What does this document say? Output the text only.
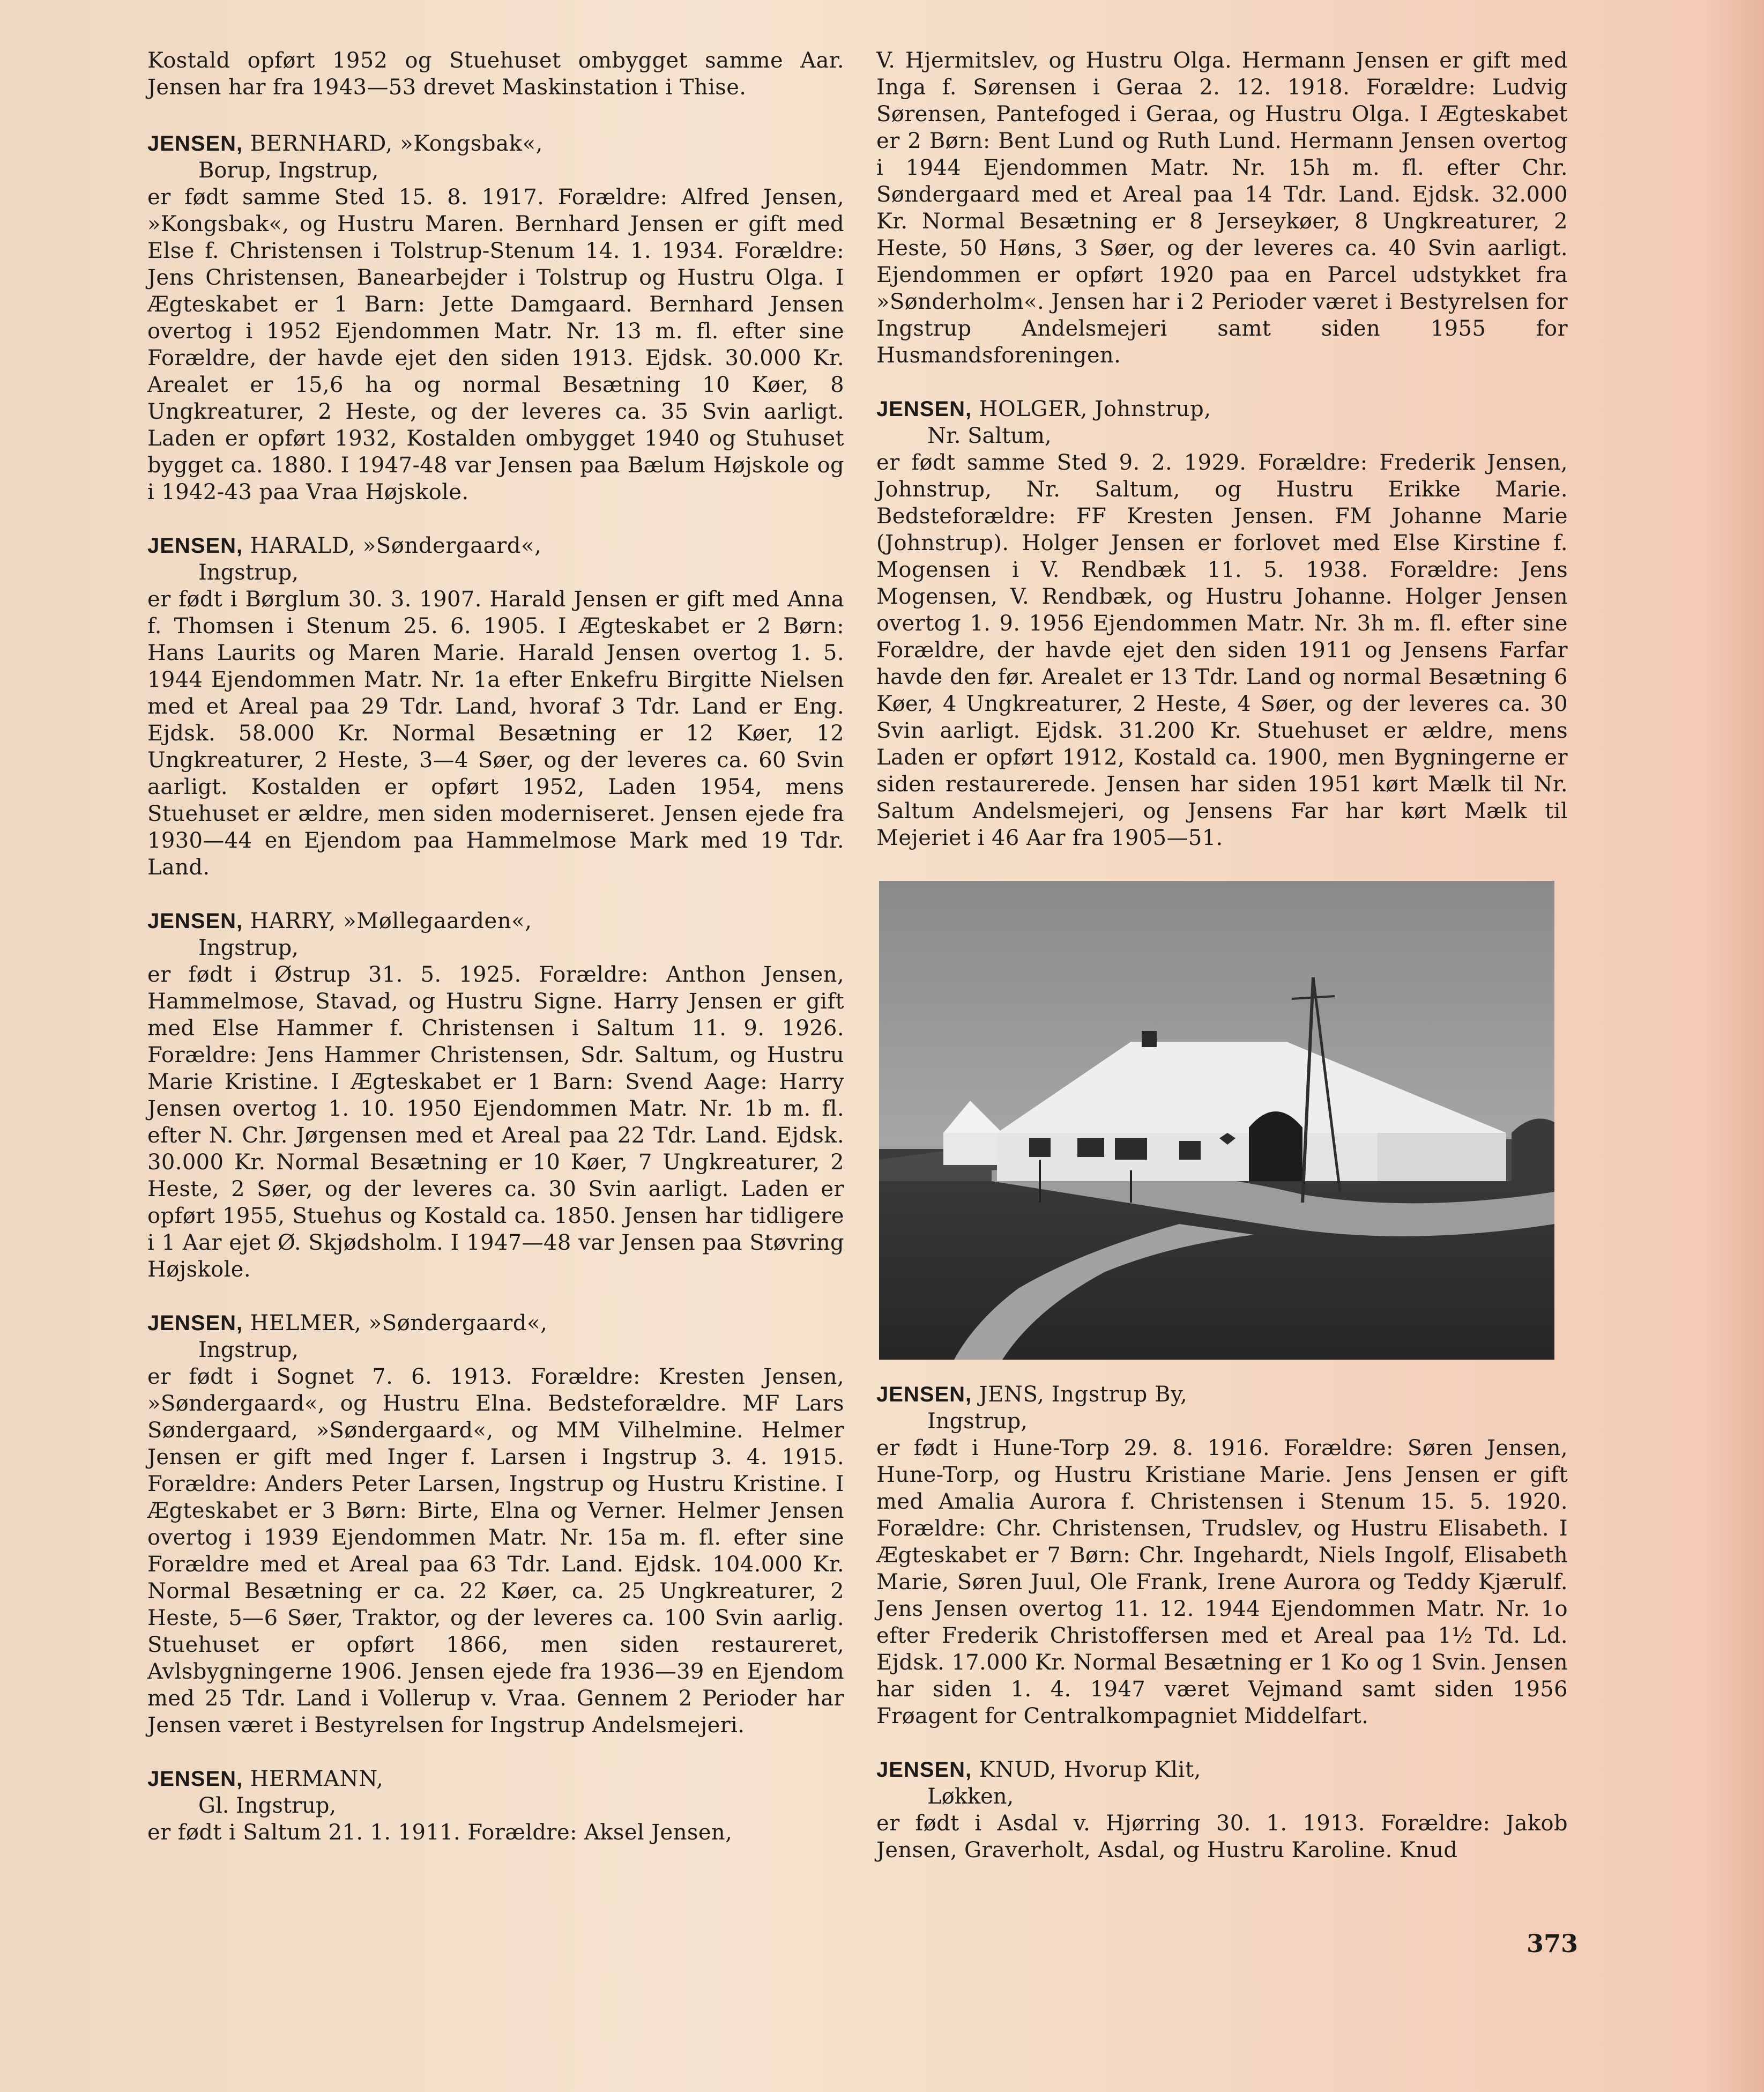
Kostald opført 1952 og Stuehuset ombygget samme Aar. Jensen har fra 1943—53 drevet Maskinstation i Thise.

JENSEN, BERNHARD, »Kongsbak«,
Borup, Ingstrup,

er født samme Sted 15. 8. 1917. Forældre: Alfred Jensen, »Kongsbak«, og Hustru Maren. Bernhard Jensen er gift med Else f. Christensen i Tolstrup-Stenum 14. 1. 1934. Forældre: Jens Christensen, Banearbejder i Tolstrup og Hustru Olga. I Ægteskabet er 1 Barn: Jette Damgaard. Bernhard Jensen overtog i 1952 Ejendommen Matr. Nr. 13 m. fl. efter sine Forældre, der havde ejet den siden 1913. Ejdsk. 30.000 Kr. Arealet er 15,6 ha og normal Besætning 10 Køer, 8 Ungkreaturer, 2 Heste, og der leveres ca. 35 Svin aarligt. Laden er opført 1932, Kostalden ombygget 1940 og Stuhuset bygget ca. 1880. I 1947-48 var Jensen paa Bælum Højskole og i 1942-43 paa Vraa Højskole.

JENSEN, HARALD, »Søndergaard«,
Ingstrup,

er født i Børglum 30. 3. 1907. Harald Jensen er gift med Anna f. Thomsen i Stenum 25. 6. 1905. I Ægteskabet er 2 Børn: Hans Laurits og Maren Marie. Harald Jensen overtog 1. 5. 1944 Ejendommen Matr. Nr. 1a efter Enkefru Birgitte Nielsen med et Areal paa 29 Tdr. Land, hvoraf 3 Tdr. Land er Eng. Ejdsk. 58.000 Kr. Normal Besætning er 12 Køer, 12 Ungkreaturer, 2 Heste, 3—4 Søer, og der leveres ca. 60 Svin aarligt. Kostalden er opført 1952, Laden 1954, mens Stuehuset er ældre, men siden moderniseret. Jensen ejede fra 1930—44 en Ejendom paa Hammelmose Mark med 19 Tdr. Land.

JENSEN, HARRY, »Møllegaarden«,
Ingstrup,

er født i Østrup 31. 5. 1925. Forældre: Anthon Jensen, Hammelmose, Stavad, og Hustru Signe. Harry Jensen er gift med Else Hammer f. Christensen i Saltum 11. 9. 1926. Forældre: Jens Hammer Christensen, Sdr. Saltum, og Hustru Marie Kristine. I Ægteskabet er 1 Barn: Svend Aage: Harry Jensen overtog 1. 10. 1950 Ejendommen Matr. Nr. 1b m. fl. efter N. Chr. Jørgensen med et Areal paa 22 Tdr. Land. Ejdsk. 30.000 Kr. Normal Besætning er 10 Køer, 7 Ungkreaturer, 2 Heste, 2 Søer, og der leveres ca. 30 Svin aarligt. Laden er opført 1955, Stuehus og Kostald ca. 1850. Jensen har tidligere i 1 Aar ejet Ø. Skjødsholm. I 1947—48 var Jensen paa Støvring Højskole.

JENSEN, HELMER, »Søndergaard«,
Ingstrup,

er født i Sognet 7. 6. 1913. Forældre: Kresten Jensen, »Søndergaard«, og Hustru Elna. Bedsteforældre. MF Lars Søndergaard, »Søndergaard«, og MM Vilhelmine. Helmer Jensen er gift med Inger f. Larsen i Ingstrup 3. 4. 1915. Forældre: Anders Peter Larsen, Ingstrup og Hustru Kristine. I Ægteskabet er 3 Børn: Birte, Elna og Verner. Helmer Jensen overtog i 1939 Ejendommen Matr. Nr. 15a m. fl. efter sine Forældre med et Areal paa 63 Tdr. Land. Ejdsk. 104.000 Kr. Normal Besætning er ca. 22 Køer, ca. 25 Ungkreaturer, 2 Heste, 5—6 Søer, Traktor, og der leveres ca. 100 Svin aarlig. Stuehuset er opført 1866, men siden restaureret, Avlsbygningerne 1906. Jensen ejede fra 1936—39 en Ejendom med 25 Tdr. Land i Vollerup v. Vraa. Gennem 2 Perioder har Jensen været i Bestyrelsen for Ingstrup Andelsmejeri.

JENSEN, HERMANN,
Gl. Ingstrup,

er født i Saltum 21. 1. 1911. Forældre: Aksel Jensen,

V. Hjermitslev, og Hustru Olga. Hermann Jensen er gift med Inga f. Sørensen i Geraa 2. 12. 1918. Forældre: Ludvig Sørensen, Pantefoged i Geraa, og Hustru Olga. I Ægteskabet er 2 Børn: Bent Lund og Ruth Lund. Hermann Jensen overtog i 1944 Ejendommen Matr. Nr. 15h m. fl. efter Chr. Søndergaard med et Areal paa 14 Tdr. Land. Ejdsk. 32.000 Kr. Normal Besætning er 8 Jerseykøer, 8 Ungkreaturer, 2 Heste, 50 Høns, 3 Søer, og der leveres ca. 40 Svin aarligt. Ejendommen er opført 1920 paa en Parcel udstykket fra »Sønderholm«. Jensen har i 2 Perioder været i Bestyrelsen for Ingstrup Andelsmejeri samt siden 1955 for Husmandsforeningen.

JENSEN, HOLGER, Johnstrup,
Nr. Saltum,

er født samme Sted 9. 2. 1929. Forældre: Frederik Jensen, Johnstrup, Nr. Saltum, og Hustru Erikke Marie. Bedsteforældre: FF Kresten Jensen. FM Johanne Marie (Johnstrup). Holger Jensen er forlovet med Else Kirstine f. Mogensen i V. Rendbæk 11. 5. 1938. Forældre: Jens Mogensen, V. Rendbæk, og Hustru Johanne. Holger Jensen overtog 1. 9. 1956 Ejendommen Matr. Nr. 3h m. fl. efter sine Forældre, der havde ejet den siden 1911 og Jensens Farfar havde den før. Arealet er 13 Tdr. Land og normal Besætning 6 Køer, 4 Ungkreaturer, 2 Heste, 4 Søer, og der leveres ca. 30 Svin aarligt. Ejdsk. 31.200 Kr. Stuehuset er ældre, mens Laden er opført 1912, Kostald ca. 1900, men Bygningerne er siden restaurerede. Jensen har siden 1951 kørt Mælk til Nr. Saltum Andelsmejeri, og Jensens Far har kørt Mælk til Mejeriet i 46 Aar fra 1905—51.

JENSEN, JENS, Ingstrup By,
Ingstrup,

er født i Hune-Torp 29. 8. 1916. Forældre: Søren Jensen, Hune-Torp, og Hustru Kristiane Marie. Jens Jensen er gift med Amalia Aurora f. Christensen i Stenum 15. 5. 1920. Forældre: Chr. Christensen, Trudslev, og Hustru Elisabeth. I Ægteskabet er 7 Børn: Chr. Ingehardt, Niels Ingolf, Elisabeth Marie, Søren Juul, Ole Frank, Irene Aurora og Teddy Kjærulf. Jens Jensen overtog 11. 12. 1944 Ejendommen Matr. Nr. 1o efter Frederik Christoffersen med et Areal paa 1½ Td. Ld. Ejdsk. 17.000 Kr. Normal Besætning er 1 Ko og 1 Svin. Jensen har siden 1. 4. 1947 været Vejmand samt siden 1956 Frøagent for Centralkompagniet Middelfart.

JENSEN, KNUD, Hvorup Klit,
Løkken,

er født i Asdal v. Hjørring 30. 1. 1913. Forældre: Jakob Jensen, Graverholt, Asdal, og Hustru Karoline. Knud

373
